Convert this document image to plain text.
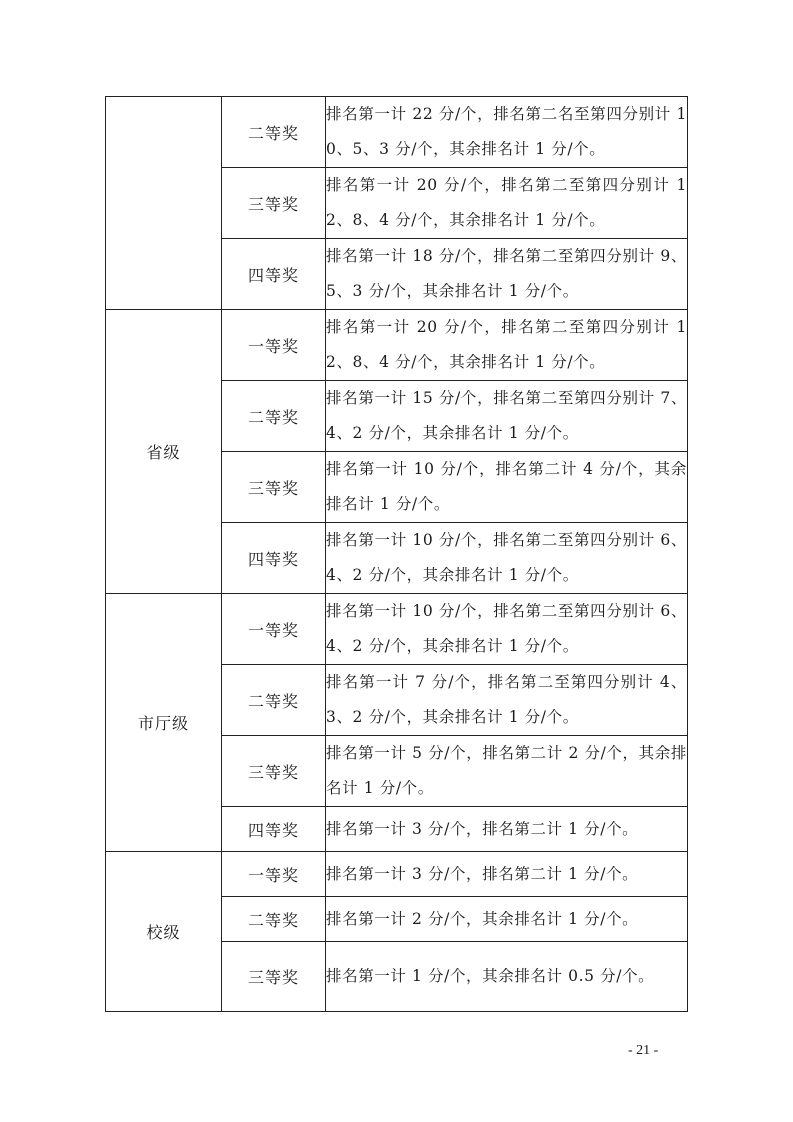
	二等奖	排名第一计 22 分/个，排名第二名至第四分别计 10、5、3 分/个，其余排名计 1 分/个。
	三等奖	排名第一计 20 分/个，排名第二至第四分别计 12、8、4 分/个，其余排名计 1 分/个。
	四等奖	排名第一计 18 分/个，排名第二至第四分别计 9、5、3 分/个，其余排名计 1 分/个。
省级	一等奖	排名第一计 20 分/个，排名第二至第四分别计 12、8、4 分/个，其余排名计 1 分/个。
	二等奖	排名第一计 15 分/个，排名第二至第四分别计 7、4、2 分/个，其余排名计 1 分/个。
	三等奖	排名第一计 10 分/个，排名第二计 4 分/个，其余排名计 1 分/个。
	四等奖	排名第一计 10 分/个，排名第二至第四分别计 6、4、2 分/个，其余排名计 1 分/个。
市厅级	一等奖	排名第一计 10 分/个，排名第二至第四分别计 6、4、2 分/个，其余排名计 1 分/个。
	二等奖	排名第一计 7 分/个，排名第二至第四分别计 4、3、2 分/个，其余排名计 1 分/个。
	三等奖	排名第一计 5 分/个，排名第二计 2 分/个，其余排名计 1 分/个。
	四等奖	排名第一计 3 分/个，排名第二计 1 分/个。
校级	一等奖	排名第一计 3 分/个，排名第二计 1 分/个。
	二等奖	排名第一计 2 分/个，其余排名计 1 分/个。
	三等奖	排名第一计 1 分/个，其余排名计 0.5 分/个。
- 21 -
